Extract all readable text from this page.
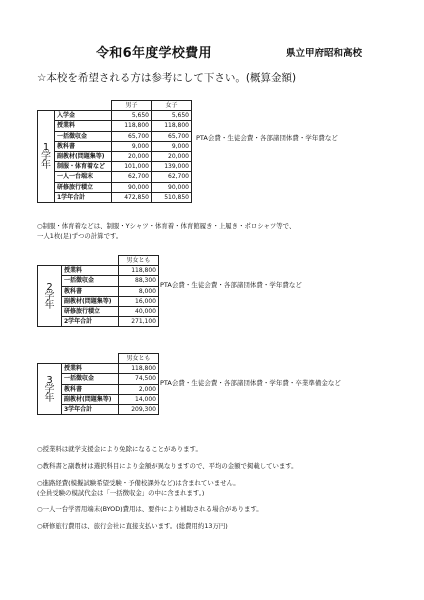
令和6年度学校費用	県立甲府昭和高校
☆本校を希望される方は参考にして下さい。(概算金額)
		男子	女子

1
学
年	入学金	5,650	5,650
	授業料	118,800	118,800
	一括徴収金	65,700	65,700
	教科書	9,000	9,000
	副教材(問題集等)	20,000	20,000
	制服・体育着など	101,000	139,000
	一人一台端末	62,700	62,700
	研修旅行積立	90,000	90,000
	1学年合計	472,850	510,850
PTA会費・生徒会費・各部諸団体費・学年費など
○制服・体育着などは、制服・Yシャツ・体育着・体育館履き・上履き・ポロシャツ等で、
一人1枚(足)ずつの計算です。
		男女とも

2
学
年	授業料	118,800
	一括徴収金	88,300
	教科書	8,000
	副教材(問題集等)	16,000
	研修旅行積立	40,000
	2学年合計	271,100
PTA会費・生徒会費・各部諸団体費・学年費など
		男女とも

3
学
年	授業料	118,800
	一括徴収金	74,500
	教科書	2,000
	副教材(問題集等)	14,000
	3学年合計	209,300
PTA会費・生徒会費・各部諸団体費・学年費・卒業準備金など
○授業料は就学支援金により免除になることがあります。
○教科書と副教材は選択科目により金額が異なりますので、平均の金額で掲載しています。
○進路経費(模擬試験希望受験・予備校課外など)は含まれていません。
(全員受験の模試代金は「一括徴収金」の中に含まれます。)
○一人一台学習用端末(BYOD)費用は、要件により補助される場合があります。
○研修旅行費用は、旅行会社に直接支払います。(総費用約13万円)
